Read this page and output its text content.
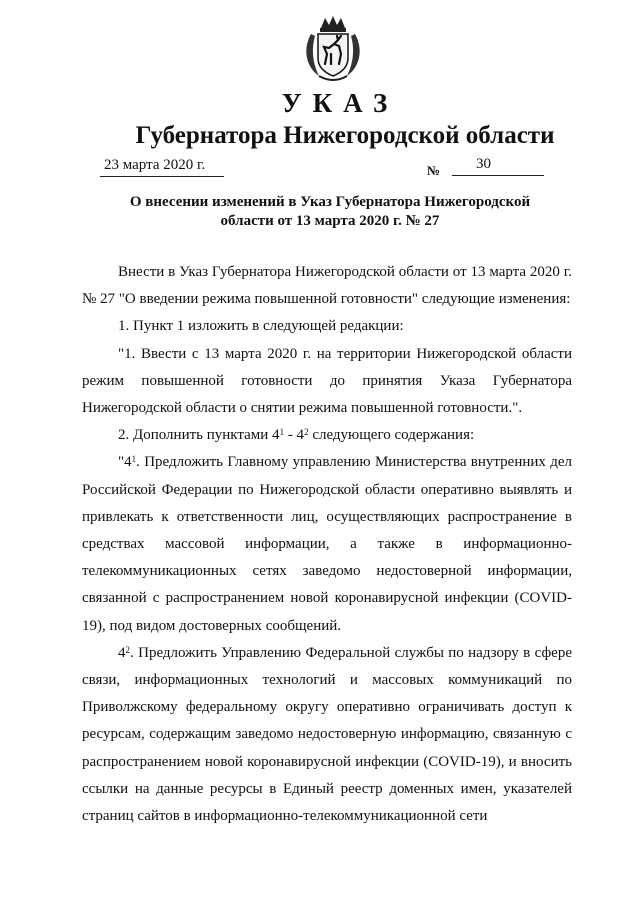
УКАЗ
Губернатора Нижегородской области
23 марта 2020 г.	№ 30
О внесении изменений в Указ Губернатора Нижегородской
области от 13 марта 2020 г. № 27

Внести в Указ Губернатора Нижегородской области от 13 марта 2020 г. № 27 "О введении режима повышенной готовности" следующие изменения:

1. Пункт 1 изложить в следующей редакции:

"1. Ввести с 13 марта 2020 г. на территории Нижегородской области режим повышенной готовности до принятия Указа Губернатора Нижегородской области о снятии режима повышенной готовности.".

2. Дополнить пунктами $4^1 - 4^2$ следующего содержания:

"$4^1$. Предложить Главному управлению Министерства внутренних дел Российской Федерации по Нижегородской области оперативно выявлять и привлекать к ответственности лиц, осуществляющих распространение в средствах массовой информации, а также в информационно-телекоммуникационных сетях заведомо недостоверной информации, связанной с распространением новой коронавирусной инфекции (COVID-19), под видом достоверных сообщений.

$4^2$. Предложить Управлению Федеральной службы по надзору в сфере связи, информационных технологий и массовых коммуникаций по Приволжскому федеральному округу оперативно ограничивать доступ к ресурсам, содержащим заведомо недостоверную информацию, связанную с распространением новой коронавирусной инфекции (COVID-19), и вносить ссылки на данные ресурсы в Единый реестр доменных имен, указателей страниц сайтов в информационно-телекоммуникационной сети
